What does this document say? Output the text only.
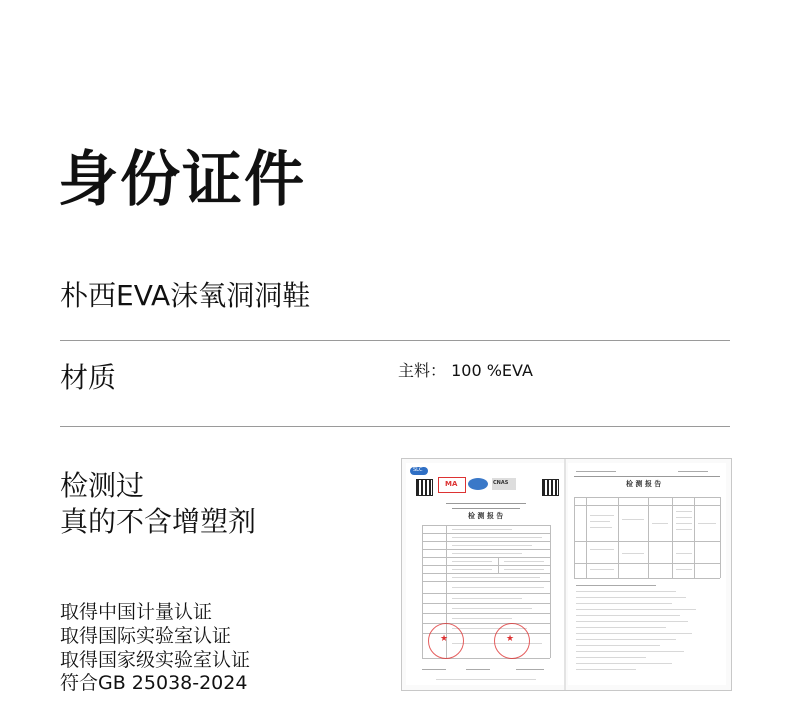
身份证件
朴西EVA沫氧洞洞鞋
材质	主料： 100 %EVA
检测过
真的不含增塑剂
取得中国计量认证
取得国际实验室认证
取得国家级实验室认证
符合GB 25038-2024
SLC
MA	CNAS
检 测 报 告
★	★
检 测 报 告
